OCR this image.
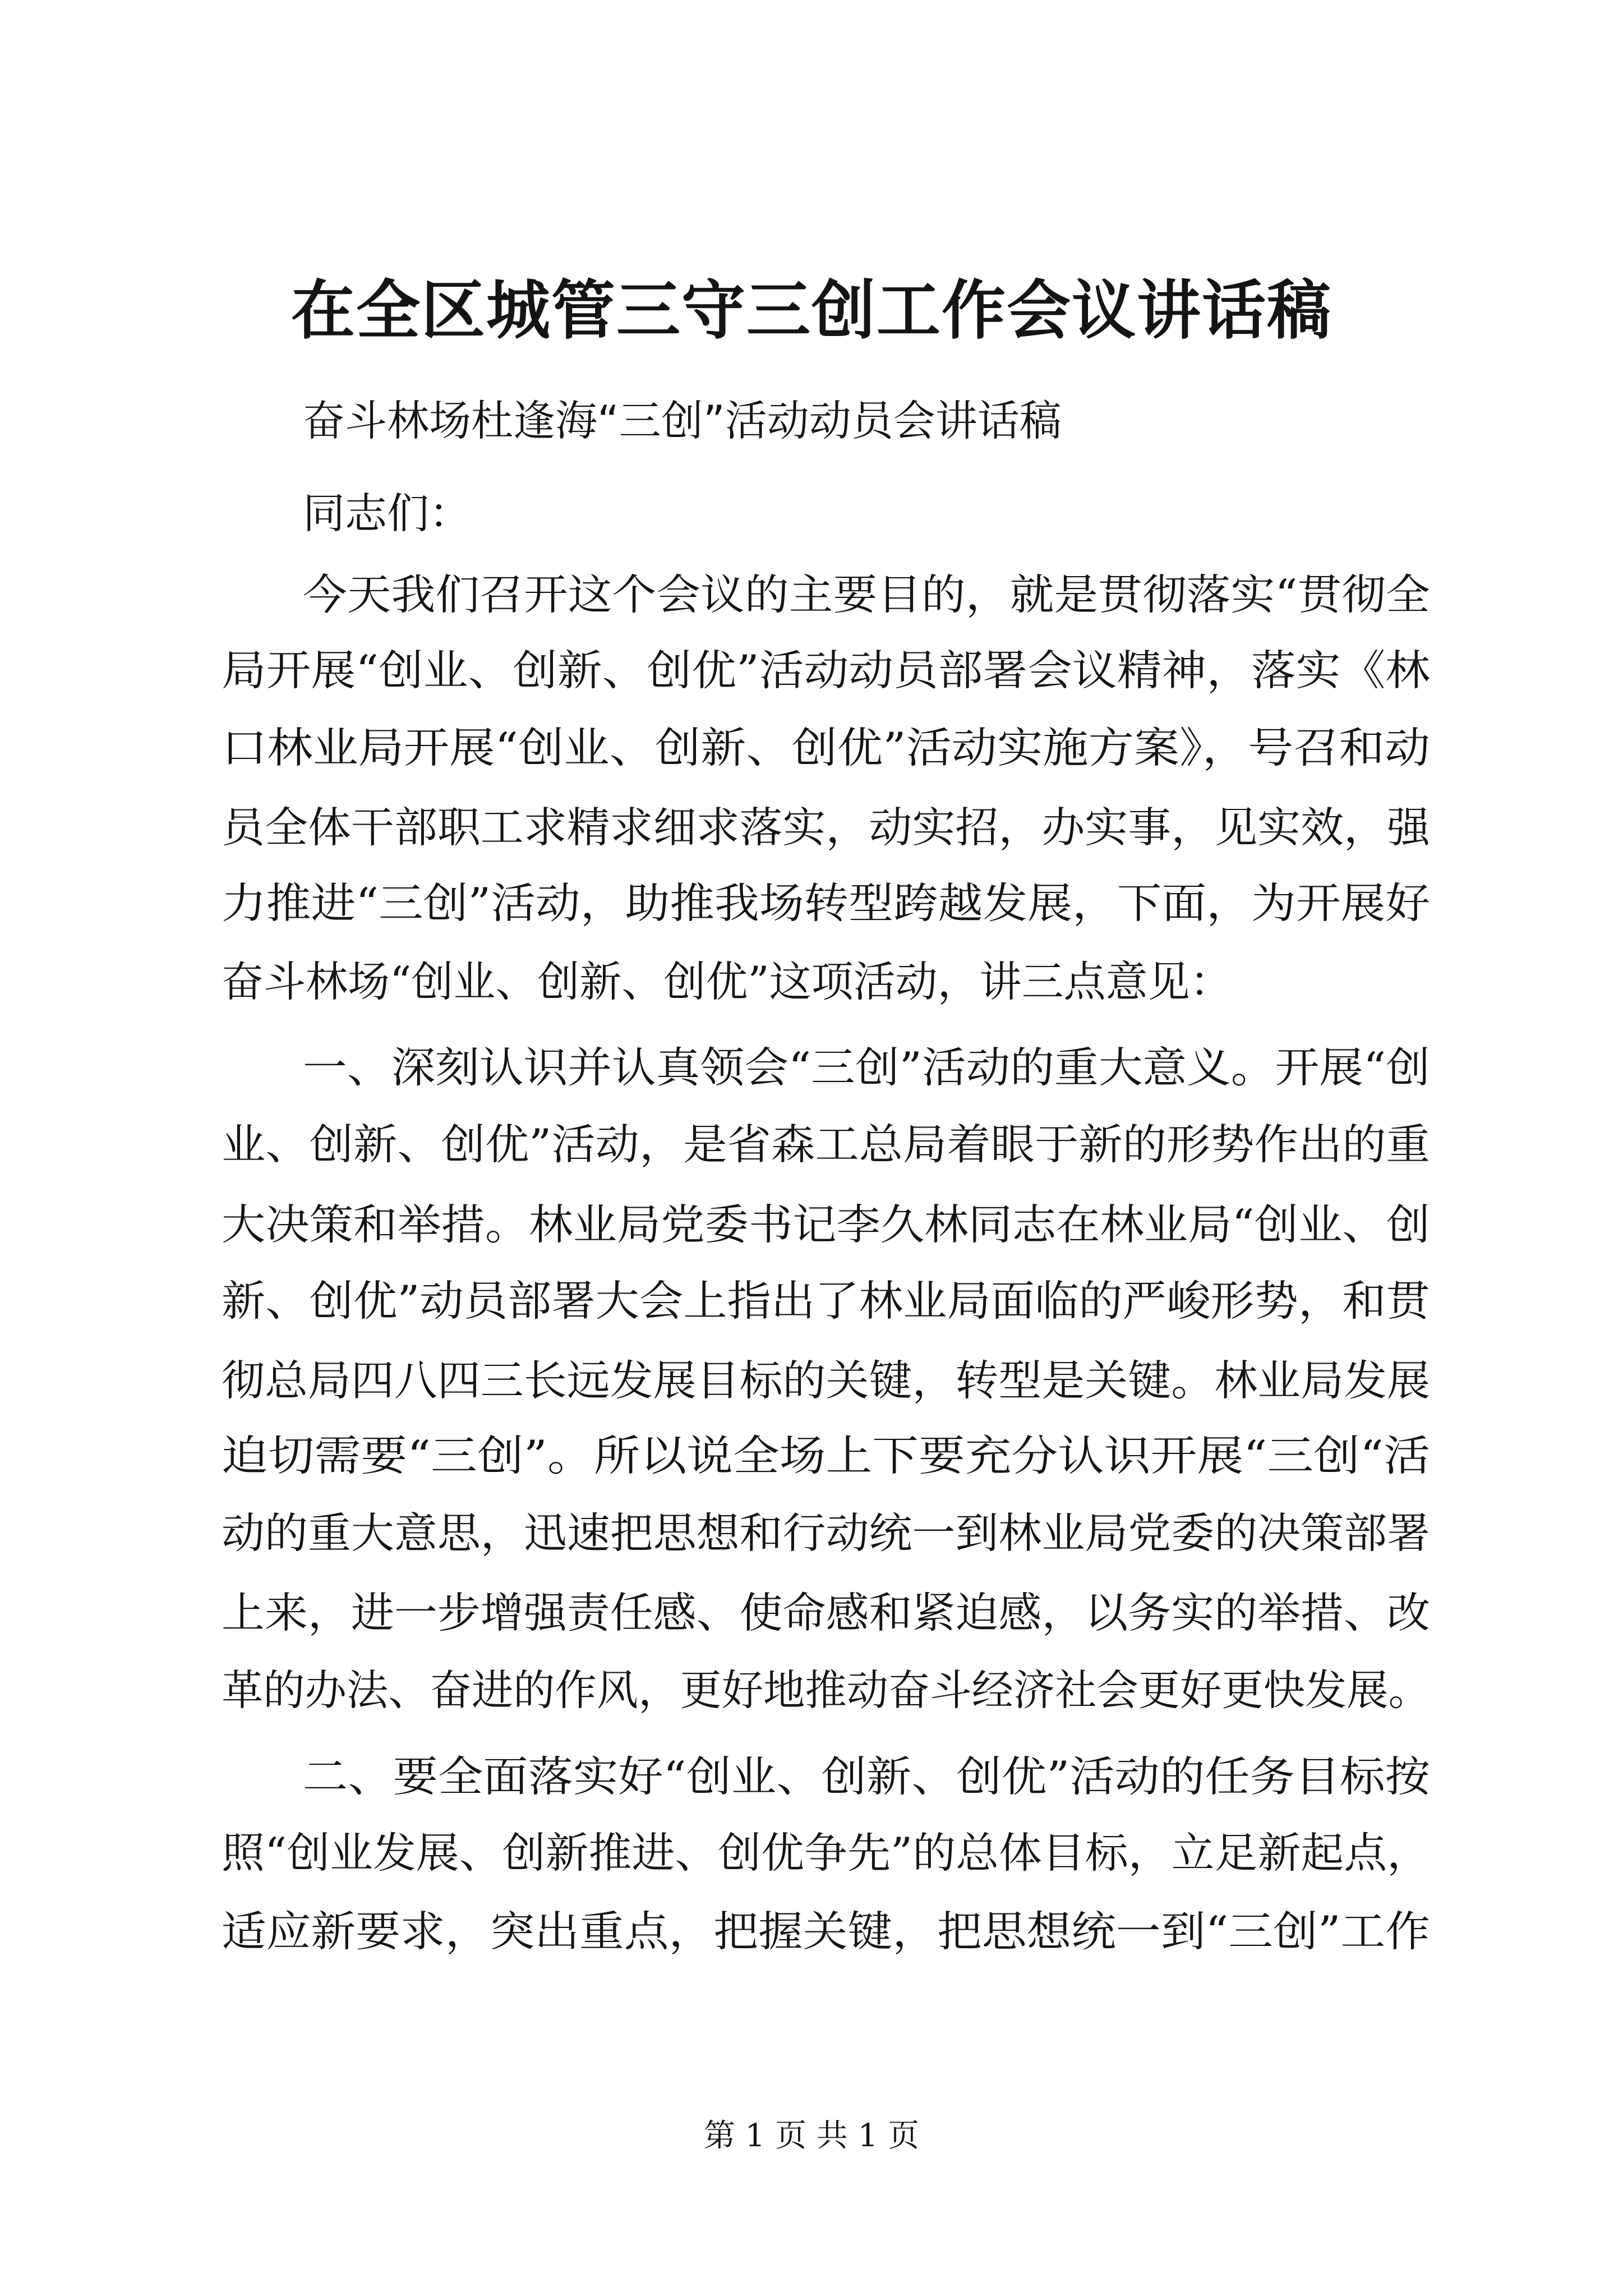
在全区城管三守三创工作会议讲话稿
奋斗林场杜逢海“三创”活动动员会讲话稿
同志们：
今天我们召开这个会议的主要目的，就是贯彻落实“贯彻全
局开展“创业、创新、创优”活动动员部署会议精神，落实《林
口林业局开展“创业、创新、创优”活动实施方案》，号召和动
员全体干部职工求精求细求落实，动实招，办实事，见实效，强
力推进“三创”活动，助推我场转型跨越发展，下面，为开展好
奋斗林场“创业、创新、创优”这项活动，讲三点意见：
一、深刻认识并认真领会“三创”活动的重大意义。开展“创
业、创新、创优”活动，是省森工总局着眼于新的形势作出的重
大决策和举措。林业局党委书记李久林同志在林业局“创业、创
新、创优”动员部署大会上指出了林业局面临的严峻形势，和贯
彻总局四八四三长远发展目标的关键，转型是关键。林业局发展
迫切需要“三创”。所以说全场上下要充分认识开展“三创“活
动的重大意思，迅速把思想和行动统一到林业局党委的决策部署
上来，进一步增强责任感、使命感和紧迫感，以务实的举措、改
革的办法、奋进的作风，更好地推动奋斗经济社会更好更快发展。
二、要全面落实好“创业、创新、创优”活动的任务目标按
照“创业发展、创新推进、创优争先”的总体目标，立足新起点，
适应新要求，突出重点，把握关键，把思想统一到“三创”工作
第 1 页 共 1 页
